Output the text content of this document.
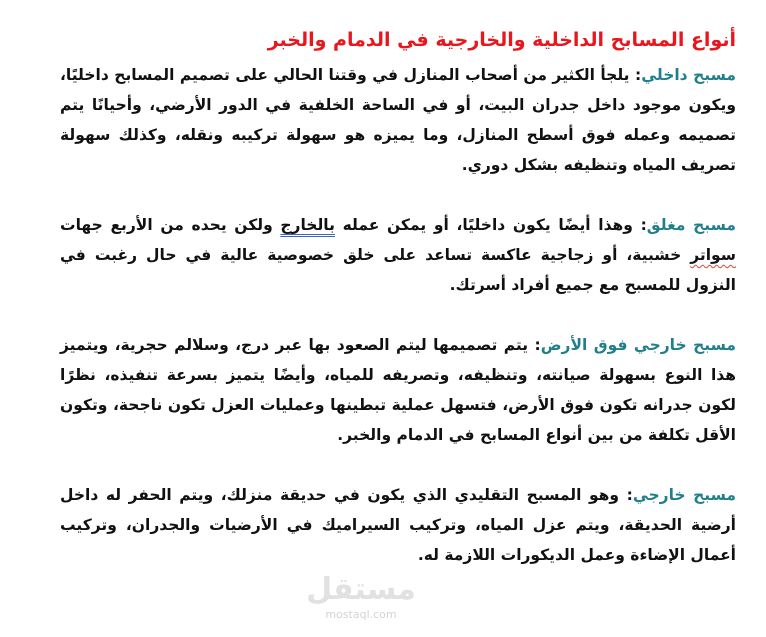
أنواع المسابح الداخلية والخارجية في الدمام والخبر

مسبح داخلي: يلجأ الكثير من أصحاب المنازل في وقتنا الحالي على تصميم المسابح داخليًا، ويكون موجود داخل جدران البيت، أو في الساحة الخلفية في الدور الأرضي، وأحيانًا يتم تصميمه وعمله فوق أسطح المنازل، وما يميزه هو سهولة تركيبه ونقله، وكذلك سهولة تصريف المياه وتنظيفه بشكل دوري.

مسبح مغلق: وهذا أيضًا يكون داخليًا، أو يمكن عمله بالخارج ولكن يحده من الأربع جهات سواتر خشبية، أو زجاجية عاكسة تساعد على خلق خصوصية عالية في حال رغبت في النزول للمسبح مع جميع أفراد أسرتك.

مسبح خارجي فوق الأرض: يتم تصميمها ليتم الصعود بها عبر درج، وسلالم حجرية، ويتميز هذا النوع بسهولة صيانته، وتنظيفه، وتصريفه للمياه، وأيضًا يتميز بسرعة تنفيذه، نظرًا لكون جدرانه تكون فوق الأرض، فتسهل عملية تبطينها وعمليات العزل تكون ناجحة، وتكون الأقل تكلفة من بين أنواع المسابح في الدمام والخبر.

مسبح خارجي: وهو المسبح التقليدي الذي يكون في حديقة منزلك، ويتم الحفر له داخل أرضية الحديقة، ويتم عزل المياه، وتركيب السيراميك في الأرضيات والجدران، وتركيب أعمال الإضاءة وعمل الديكورات اللازمة له.

مستقل
mostaql.com
